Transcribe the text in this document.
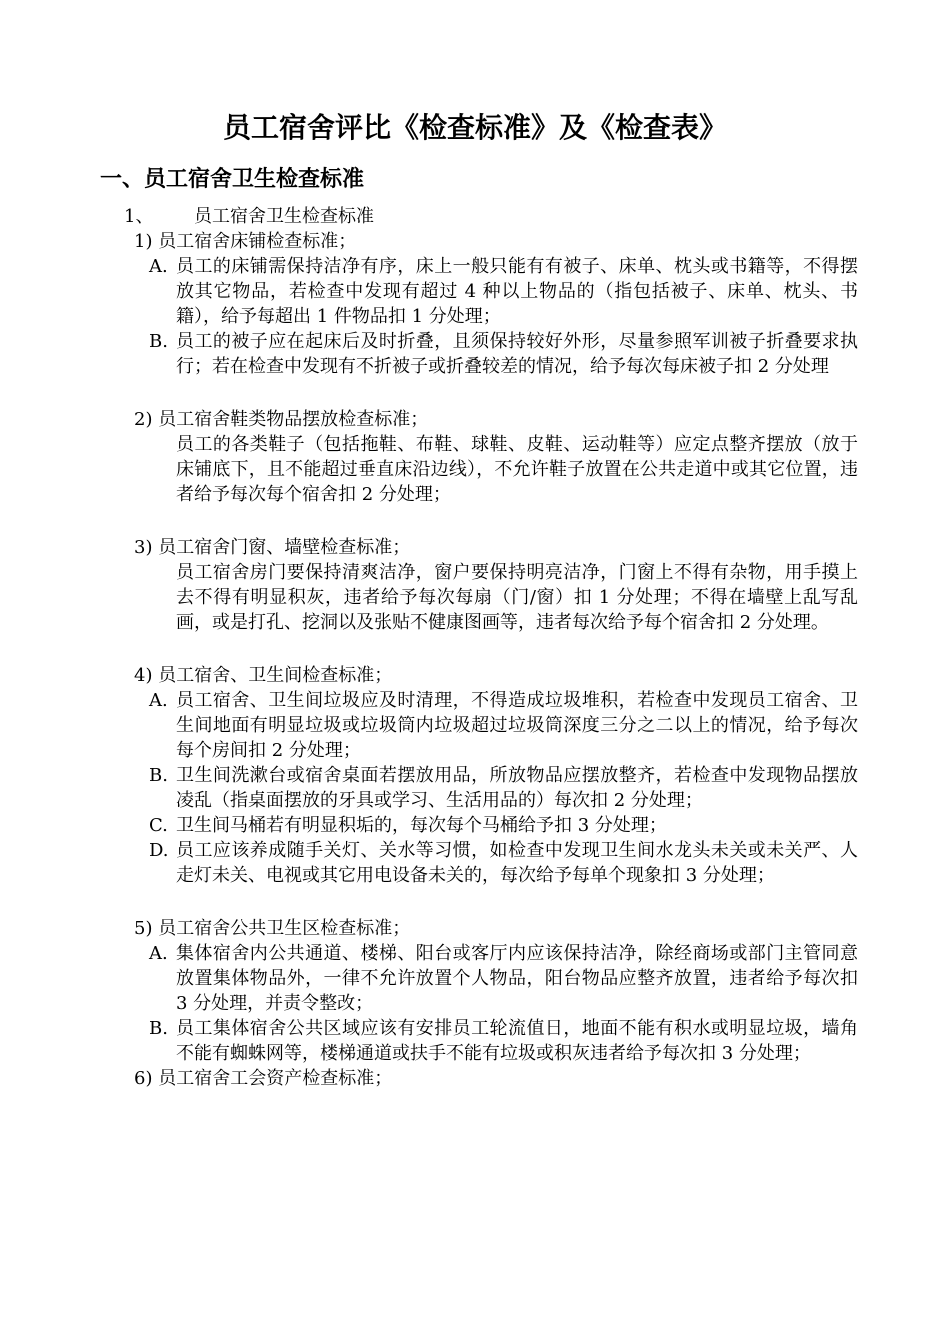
员工宿舍评比《检查标准》及《检查表》
一、员工宿舍卫生检查标准
1、 员工宿舍卫生检查标准
1) 员工宿舍床铺检查标准；
A. 员工的床铺需保持洁净有序，床上一般只能有有被子、床单、枕头或书籍等，不得摆放其它物品，若检查中发现有超过 4 种以上物品的（指包括被子、床单、枕头、书籍），给予每超出 1 件物品扣 1 分处理；
B. 员工的被子应在起床后及时折叠，且须保持较好外形，尽量参照军训被子折叠要求执行；若在检查中发现有不折被子或折叠较差的情况，给予每次每床被子扣 2 分处理
2) 员工宿舍鞋类物品摆放检查标准；
员工的各类鞋子（包括拖鞋、布鞋、球鞋、皮鞋、运动鞋等）应定点整齐摆放（放于床铺底下，且不能超过垂直床沿边线），不允许鞋子放置在公共走道中或其它位置，违者给予每次每个宿舍扣 2 分处理；
3) 员工宿舍门窗、墙壁检查标准；
员工宿舍房门要保持清爽洁净，窗户要保持明亮洁净，门窗上不得有杂物，用手摸上去不得有明显积灰，违者给予每次每扇（门/窗）扣 1 分处理；不得在墙壁上乱写乱画，或是打孔、挖洞以及张贴不健康图画等，违者每次给予每个宿舍扣 2 分处理。
4) 员工宿舍、卫生间检查标准；
A. 员工宿舍、卫生间垃圾应及时清理，不得造成垃圾堆积，若检查中发现员工宿舍、卫生间地面有明显垃圾或垃圾筒内垃圾超过垃圾筒深度三分之二以上的情况，给予每次每个房间扣 2 分处理；
B. 卫生间洗漱台或宿舍桌面若摆放用品，所放物品应摆放整齐，若检查中发现物品摆放凌乱（指桌面摆放的牙具或学习、生活用品的）每次扣 2 分处理；
C. 卫生间马桶若有明显积垢的，每次每个马桶给予扣 3 分处理；
D. 员工应该养成随手关灯、关水等习惯，如检查中发现卫生间水龙头未关或未关严、人走灯未关、电视或其它用电设备未关的，每次给予每单个现象扣 3 分处理；
5) 员工宿舍公共卫生区检查标准；
A. 集体宿舍内公共通道、楼梯、阳台或客厅内应该保持洁净，除经商场或部门主管同意放置集体物品外，一律不允许放置个人物品，阳台物品应整齐放置，违者给予每次扣 3 分处理，并责令整改；
B. 员工集体宿舍公共区域应该有安排员工轮流值日，地面不能有积水或明显垃圾，墙角不能有蜘蛛网等，楼梯通道或扶手不能有垃圾或积灰违者给予每次扣 3 分处理；
6) 员工宿舍工会资产检查标准；
